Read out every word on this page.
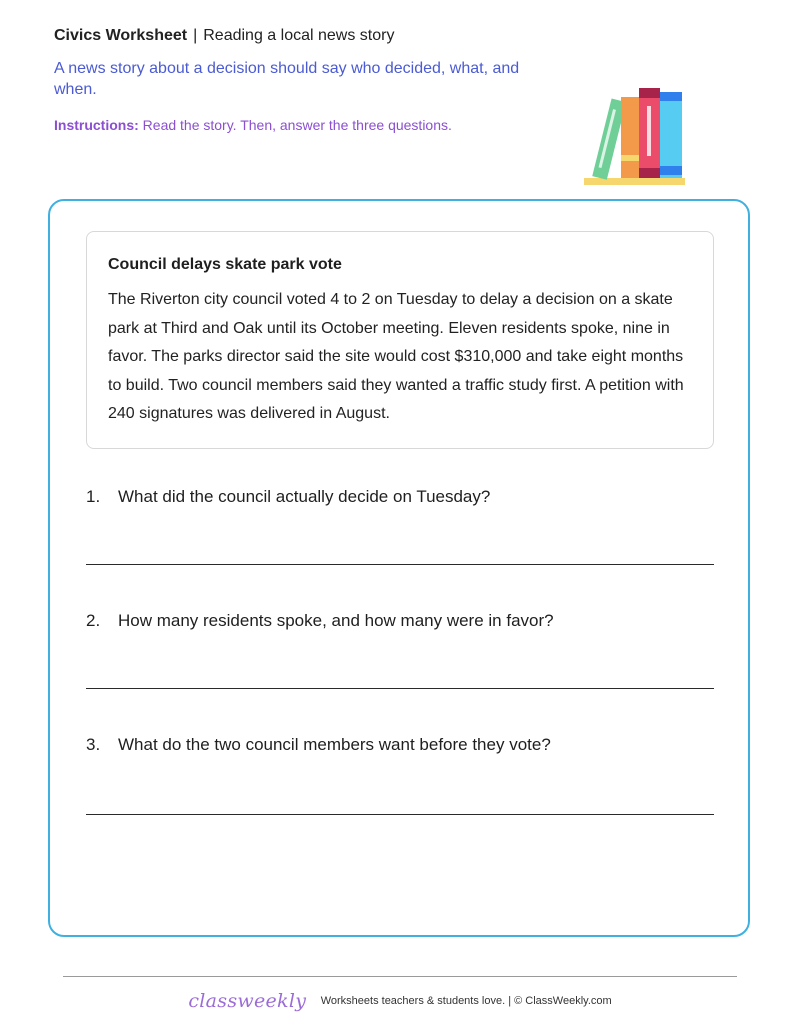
Civics Worksheet | Reading a local news story
A news story about a decision should say who decided, what, and when.
Instructions: Read the story. Then, answer the three questions.
Council delays skate park vote
The Riverton city council voted 4 to 2 on Tuesday to delay a decision on a skate park at Third and Oak until its October meeting. Eleven residents spoke, nine in favor. The parks director said the site would cost $310,000 and take eight months to build. Two council members said they wanted a traffic study first. A petition with 240 signatures was delivered in August.
1. What did the council actually decide on Tuesday?
2. How many residents spoke, and how many were in favor?
3. What do the two council members want before they vote?
classweekly Worksheets teachers & students love. | © ClassWeekly.com
